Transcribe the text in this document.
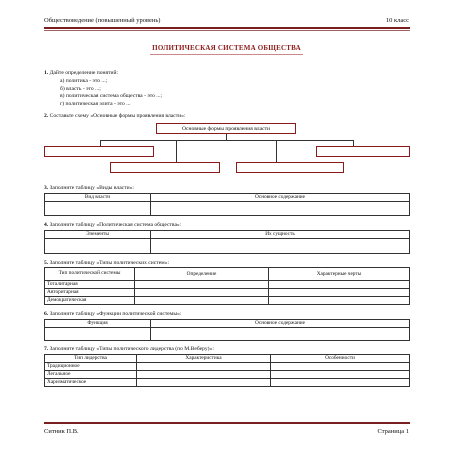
Обществоведение (повышенный уровень)	10 класс
ПОЛИТИЧЕСКАЯ СИСТЕМА ОБЩЕСТВА
1. Дайте определение понятий:
а) политика - это ...;
б) власть - это ...;
в) политическая система общества - это ...;
г) политическая элита - это ...
2. Составьте схему «Основные формы проявления власти»:
Основные формы проявления власти
3. Заполните таблицу «Виды власти»:
Вид власти	Основное содержание

4. Заполните таблицу «Политическая система общества»:
Элементы	Их сущность

5. Заполните таблицу «Типы политических систем»:
Тип политической системы	Определение	Характерные черты
Тоталитарная		
Авторитарная		
Демократическая		
6. Заполните таблицу «Функции политической системы»:
Функция	Основное содержание

7. Заполните таблицу «Типы политического лидерства (по М.Веберу)»:
Тип лидерства	Характеристика	Особенности
Традиционное		
Легальное		
Харизматическое		
Ситник П.В.	Страница 1
